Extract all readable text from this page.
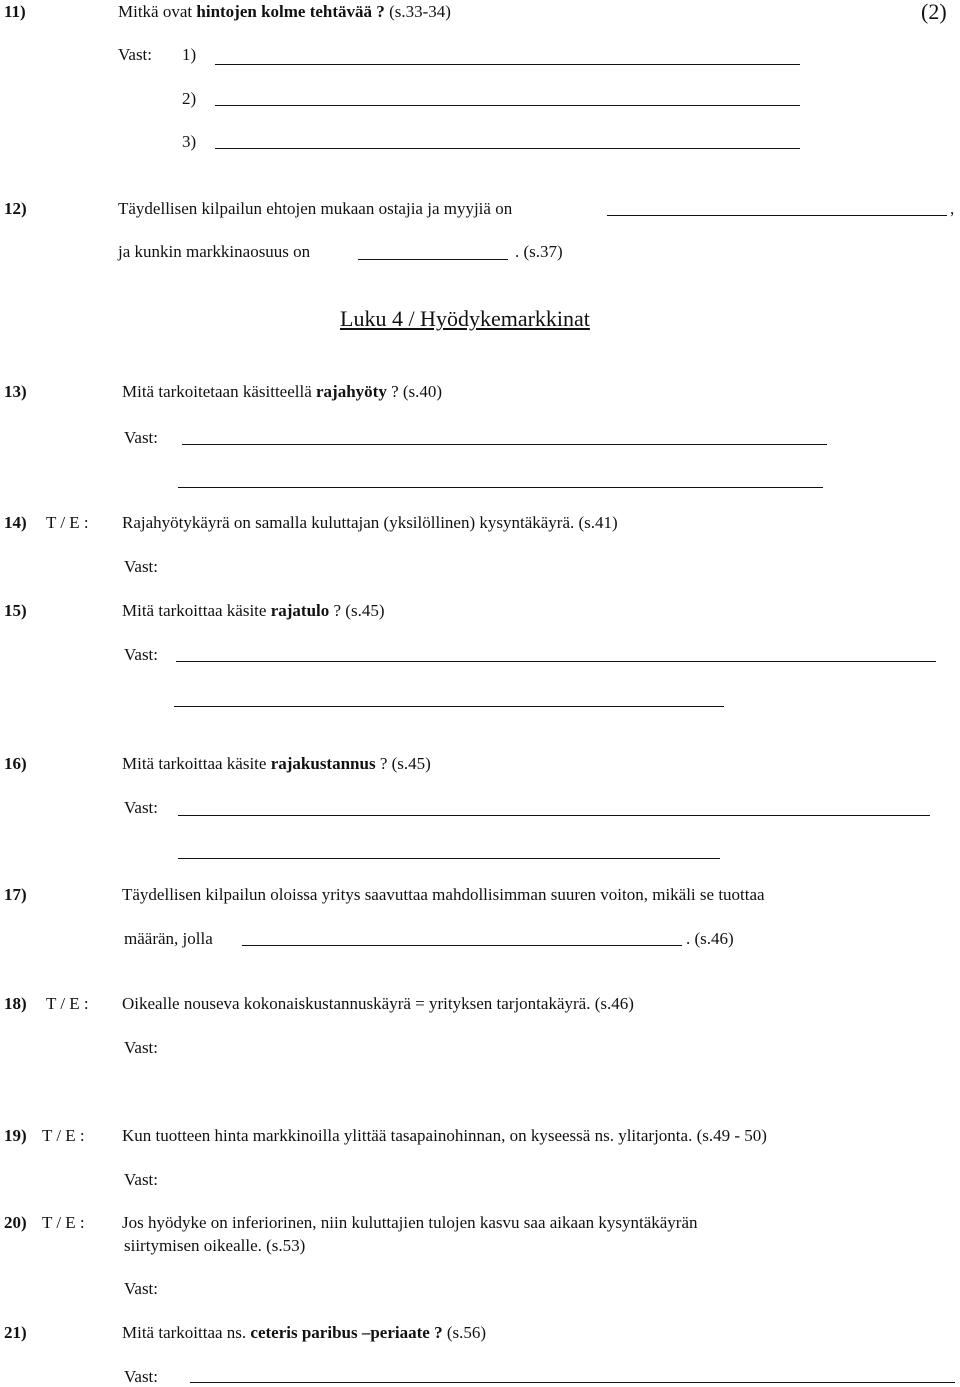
11)	Mitkä ovat hintojen kolme tehtävää ? (s.33-34)	(2)
Vast: 1)
2)
3)
12)	Täydellisen kilpailun ehtojen mukaan ostajia ja myyjiä on	,
ja kunkin markkinaosuus on	. (s.37)
Luku 4 / Hyödykemarkkinat
13)	Mitä tarkoitetaan käsitteellä rajahyöty ? (s.40)
Vast:
14) T / E : Rajahyötykäyrä on samalla kuluttajan (yksilöllinen) kysyntäkäyrä. (s.41)
Vast:
15)	Mitä tarkoittaa käsite rajatulo ? (s.45)
Vast:
16)	Mitä tarkoittaa käsite rajakustannus ? (s.45)
Vast:
17)	Täydellisen kilpailun oloissa yritys saavuttaa mahdollisimman suuren voiton, mikäli se tuottaa
määrän, jolla	. (s.46)
18) T / E : Oikealle nouseva kokonaiskustannuskäyrä = yrityksen tarjontakäyrä. (s.46)
Vast:
19) T / E : Kun tuotteen hinta markkinoilla ylittää tasapainohinnan, on kyseessä ns. ylitarjonta. (s.49 - 50)
Vast:
20) T / E : Jos hyödyke on inferiorinen, niin kuluttajien tulojen kasvu saa aikaan kysyntäkäyrän
siirtymisen oikealle. (s.53)
Vast:
21)	Mitä tarkoittaa ns. ceteris paribus –periaate ? (s.56)
Vast:
